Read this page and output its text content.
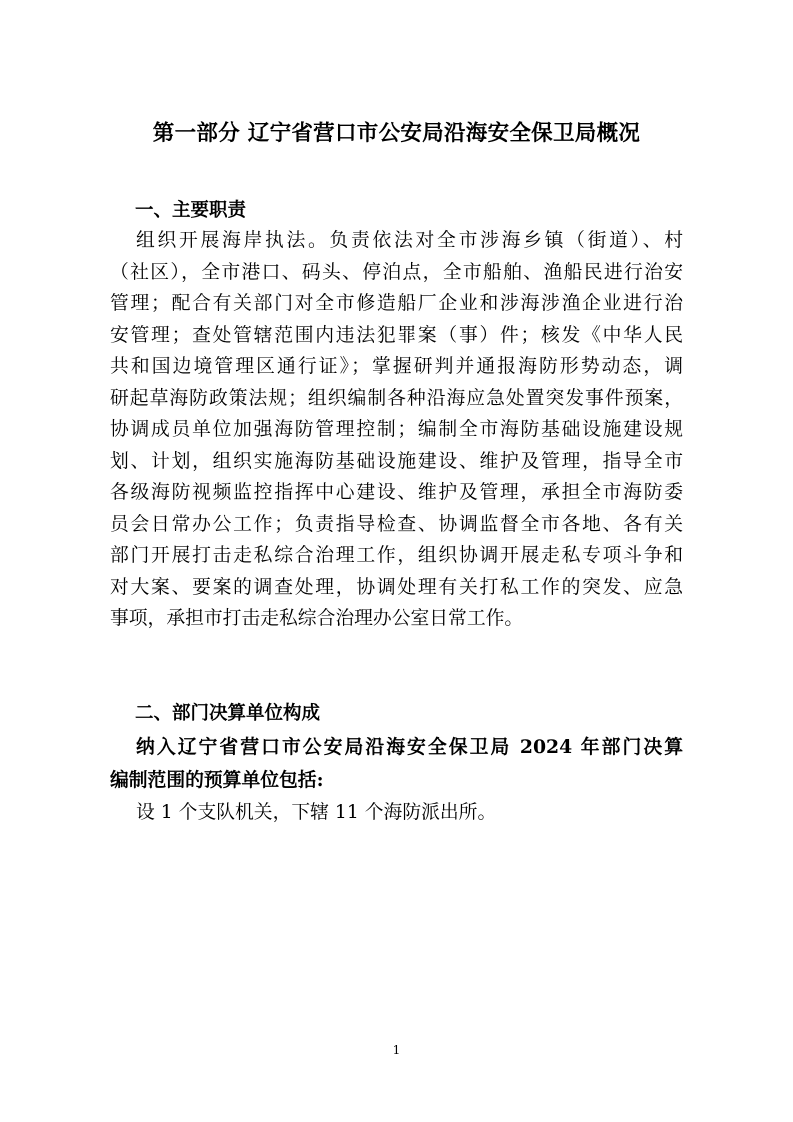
第一部分 辽宁省营口市公安局沿海安全保卫局概况
一、主要职责
组织开展海岸执法。负责依法对全市涉海乡镇（街道）、村
（社区），全市港口、码头、停泊点，全市船舶、渔船民进行治安
管理；配合有关部门对全市修造船厂企业和涉海涉渔企业进行治
安管理；查处管辖范围内违法犯罪案（事）件；核发《中华人民
共和国边境管理区通行证》；掌握研判并通报海防形势动态，调
研起草海防政策法规；组织编制各种沿海应急处置突发事件预案，
协调成员单位加强海防管理控制；编制全市海防基础设施建设规
划、计划，组织实施海防基础设施建设、维护及管理，指导全市
各级海防视频监控指挥中心建设、维护及管理，承担全市海防委
员会日常办公工作；负责指导检查、协调监督全市各地、各有关
部门开展打击走私综合治理工作，组织协调开展走私专项斗争和
对大案、要案的调查处理，协调处理有关打私工作的突发、应急
事项，承担市打击走私综合治理办公室日常工作。
二、部门决算单位构成
纳入辽宁省营口市公安局沿海安全保卫局 2024 年部门决算
编制范围的预算单位包括:
设 1 个支队机关，下辖 11 个海防派出所。
1
